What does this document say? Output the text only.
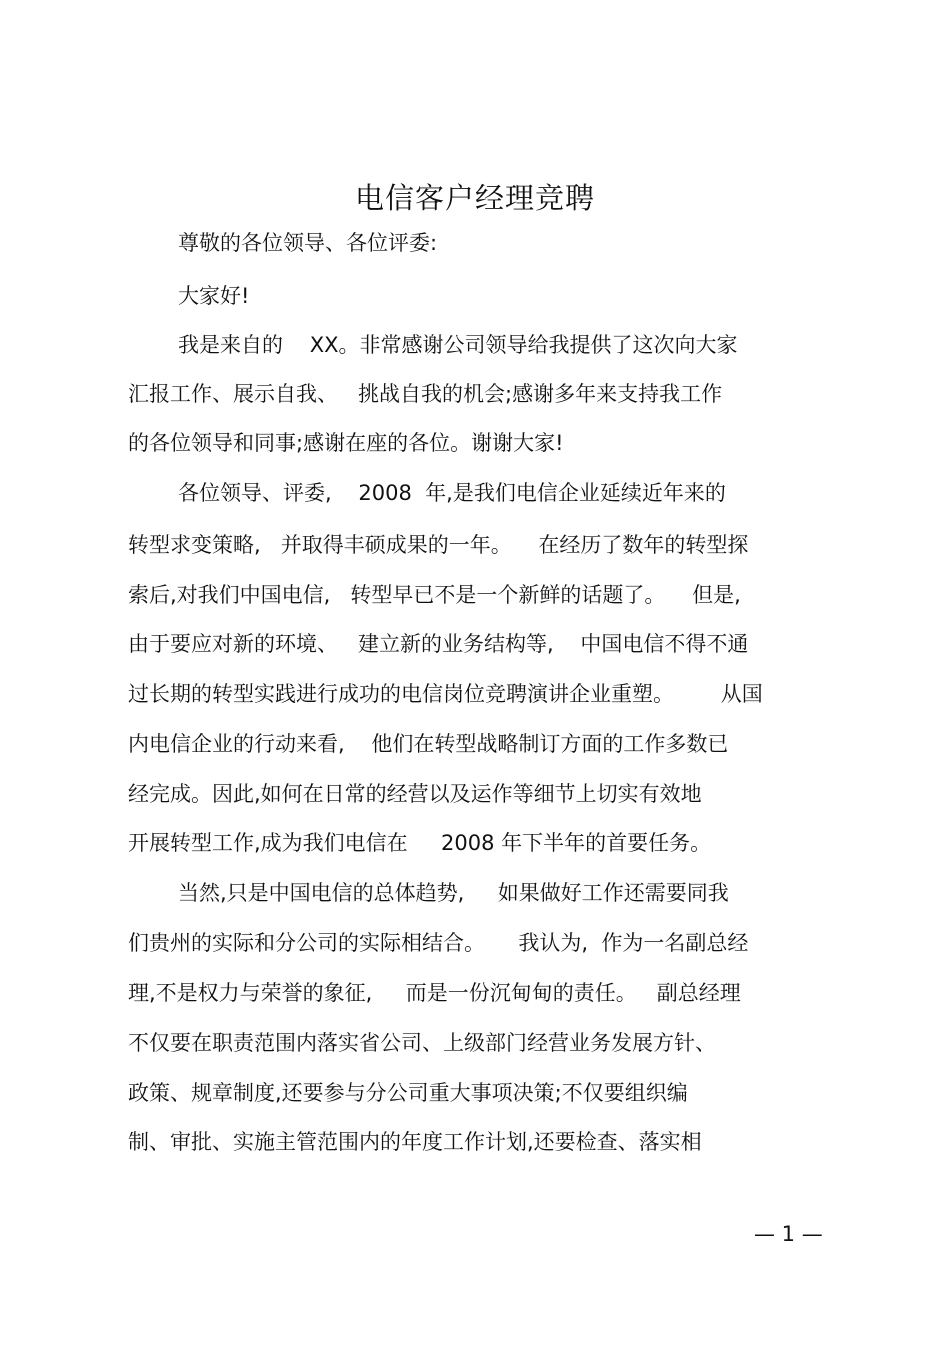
电信客户经理竞聘
尊敬的各位领导、各位评委:
大家好!
我是来自的    XX。非常感谢公司领导给我提供了这次向大家
汇报工作、展示自我、   挑战自我的机会;感谢多年来支持我工作
的各位领导和同事;感谢在座的各位。谢谢大家!
各位领导、评委,    2008  年,是我们电信企业延续近年来的
转型求变策略,   并取得丰硕成果的一年。    在经历了数年的转型探
索后,对我们中国电信,   转型早已不是一个新鲜的话题了。    但是,
由于要应对新的环境、   建立新的业务结构等,    中国电信不得不通
过长期的转型实践进行成功的电信岗位竞聘演讲企业重塑。       从国
内电信企业的行动来看,    他们在转型战略制订方面的工作多数已
经完成。因此,如何在日常的经营以及运作等细节上切实有效地
开展转型工作,成为我们电信在     2008 年下半年的首要任务。
当然,只是中国电信的总体趋势,     如果做好工作还需要同我
们贵州的实际和分公司的实际相结合。     我认为,  作为一名副总经
理,不是权力与荣誉的象征,     而是一份沉甸甸的责任。   副总经理
不仅要在职责范围内落实省公司、上级部门经营业务发展方针、
政策、规章制度,还要参与分公司重大事项决策;不仅要组织编
制、审批、实施主管范围内的年度工作计划,还要检查、落实相
— 1 —
